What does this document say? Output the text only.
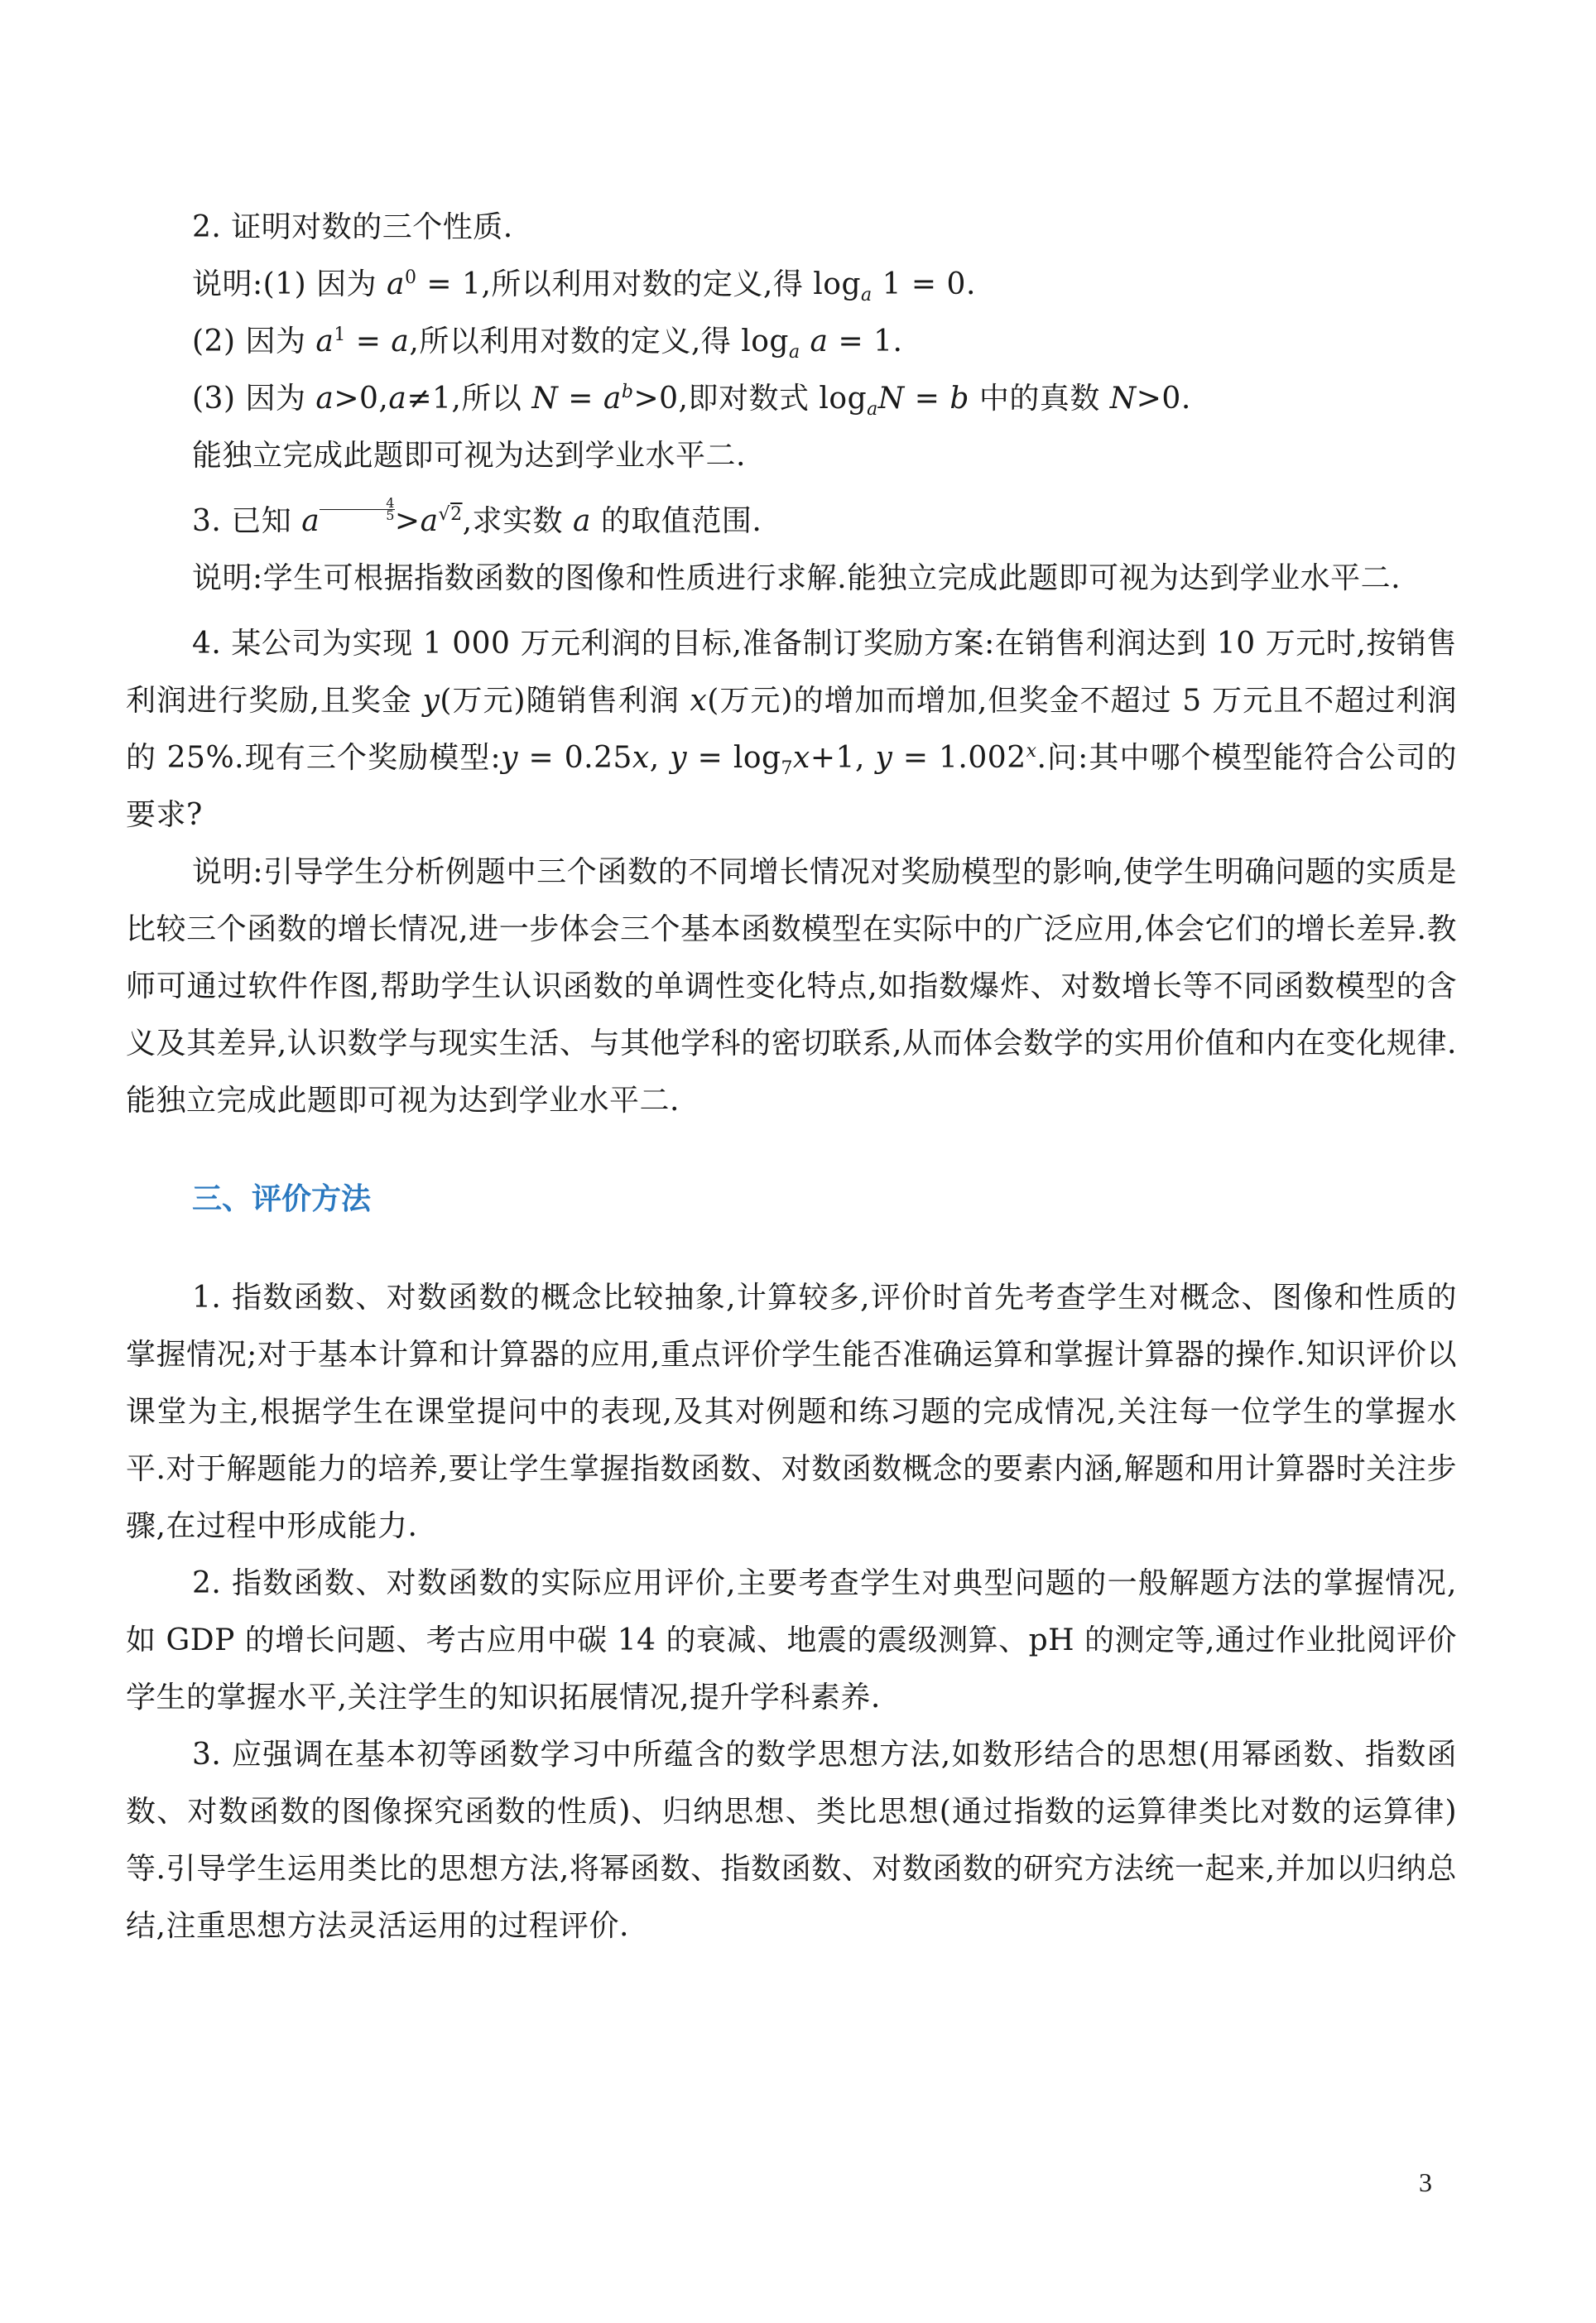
2. 证明对数的三个性质.

说明:(1) 因为 $a^0 = 1$,所以利用对数的定义,得 $\log_a 1 = 0$.

(2) 因为 $a^1 = a$,所以利用对数的定义,得 $\log_a a = 1$.

(3) 因为 a>0,a≠1,所以 $N = a^b>0$,即对数式 $\log_aN = b$ 中的真数 N>0.

能独立完成此题即可视为达到学业水平二.

3. 已知 a $\frac{4}{5} >a^{√2}$,求实数 a 的取值范围.

说明:学生可根据指数函数的图像和性质进行求解.能独立完成此题即可视为达到学业水平二.

4. 某公司为实现 1 000 万元利润的目标,准备制订奖励方案:在销售利润达到 10 万元时,按销售利润进行奖励,且奖金 y(万元)随销售利润 x(万元)的增加而增加,但奖金不超过 5 万元且不超过利润的 25%.现有三个奖励模型:y = 0.25x, $y = \log_7x+1$, $y = 1.002^x$.问:其中哪个模型能符合公司的要求?

说明:引导学生分析例题中三个函数的不同增长情况对奖励模型的影响,使学生明确问题的实质是比较三个函数的增长情况,进一步体会三个基本函数模型在实际中的广泛应用,体会它们的增长差异.教师可通过软件作图,帮助学生认识函数的单调性变化特点,如指数爆炸、对数增长等不同函数模型的含义及其差异,认识数学与现实生活、与其他学科的密切联系,从而体会数学的实用价值和内在变化规律.能独立完成此题即可视为达到学业水平二.

三、评价方法

1. 指数函数、对数函数的概念比较抽象,计算较多,评价时首先考查学生对概念、图像和性质的掌握情况;对于基本计算和计算器的应用,重点评价学生能否准确运算和掌握计算器的操作.知识评价以课堂为主,根据学生在课堂提问中的表现,及其对例题和练习题的完成情况,关注每一位学生的掌握水平.对于解题能力的培养,要让学生掌握指数函数、对数函数概念的要素内涵,解题和用计算器时关注步骤,在过程中形成能力.

2. 指数函数、对数函数的实际应用评价,主要考查学生对典型问题的一般解题方法的掌握情况,如 GDP 的增长问题、考古应用中碳 14 的衰减、地震的震级测算、pH 的测定等,通过作业批阅评价学生的掌握水平,关注学生的知识拓展情况,提升学科素养.

3. 应强调在基本初等函数学习中所蕴含的数学思想方法,如数形结合的思想(用幂函数、指数函数、对数函数的图像探究函数的性质)、归纳思想、类比思想(通过指数的运算律类比对数的运算律)等.引导学生运用类比的思想方法,将幂函数、指数函数、对数函数的研究方法统一起来,并加以归纳总结,注重思想方法灵活运用的过程评价.

3
